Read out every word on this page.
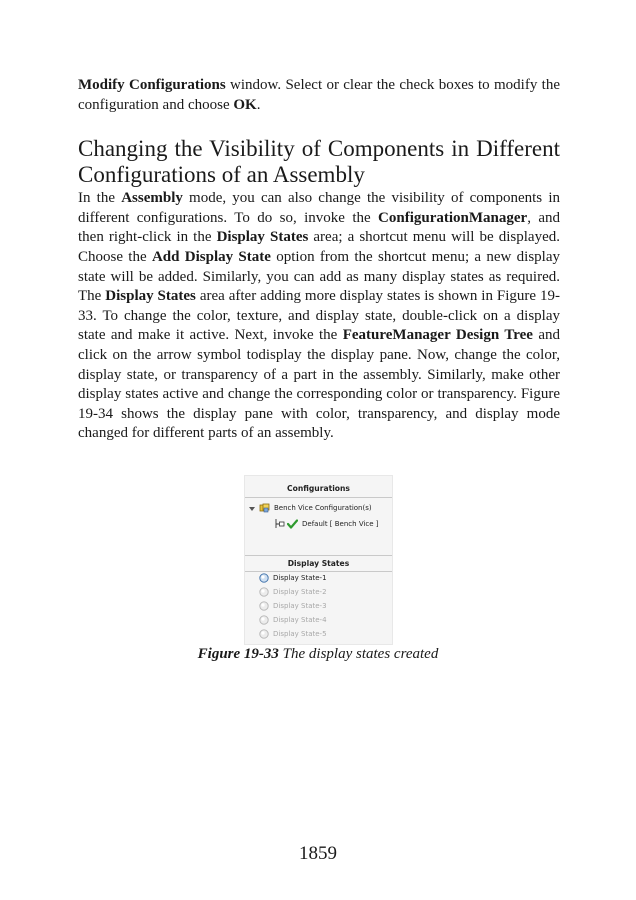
Modify Configurations window. Select or clear the check boxes to modify the configuration and choose OK.

Changing the Visibility of Components in Different Configurations of an Assembly

In the Assembly mode, you can also change the visibility of components in different configurations. To do so, invoke the ConfigurationManager, and then right-click in the Display States area; a shortcut menu will be displayed. Choose the Add Display State option from the shortcut menu; a new display state will be added. Similarly, you can add as many display states as required. The Display States area after adding more display states is shown in Figure 19-33. To change the color, texture, and display state, double-click on a display state and make it active. Next, invoke the FeatureManager Design Tree and click on the arrow symbol todisplay the display pane. Now, change the color, display state, or transparency of a part in the assembly. Similarly, make other display states active and change the corresponding color or transparency. Figure 19-34 shows the display pane with color, transparency, and display mode changed for different parts of an assembly.

Configurations
Bench Vice Configuration(s)
Default [ Bench Vice ]
Display States
Display State-1
Display State-2
Display State-3
Display State-4
Display State-5
Figure 19-33 The display states created
1859
